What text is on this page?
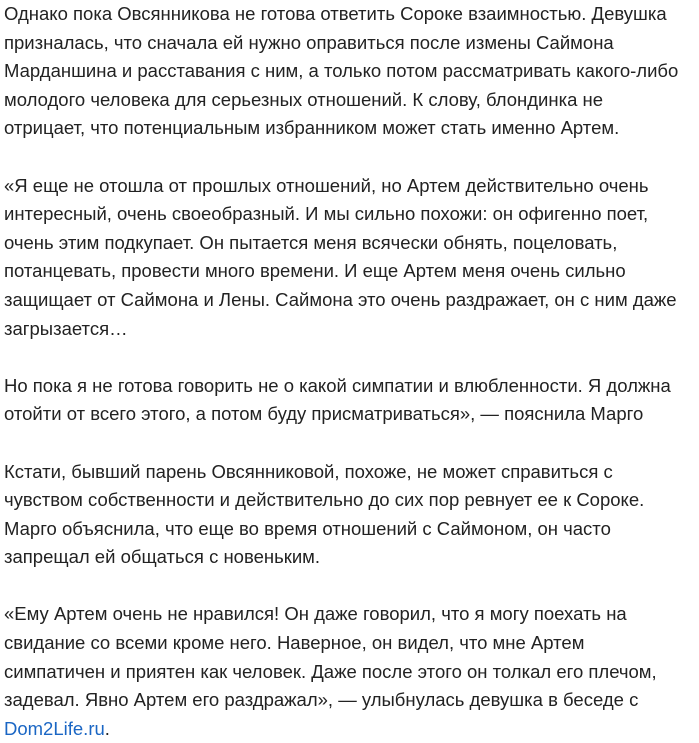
Однако пока Овсянникова не готова ответить Сороке взаимностью. Девушка призналась, что сначала ей нужно оправиться после измены Саймона Марданшина и расставания с ним, а только потом рассматривать какого-либо молодого человека для серьезных отношений. К слову, блондинка не отрицает, что потенциальным избранником может стать именно Артем.

«Я еще не отошла от прошлых отношений, но Артем действительно очень интересный, очень своеобразный. И мы сильно похожи: он офигенно поет, очень этим подкупает. Он пытается меня всячески обнять, поцеловать, потанцевать, провести много времени. И еще Артем меня очень сильно защищает от Саймона и Лены. Саймона это очень раздражает, он с ним даже загрызается…

Но пока я не готова говорить не о какой симпатии и влюбленности. Я должна отойти от всего этого, а потом буду присматриваться», — пояснила Марго

Кстати, бывший парень Овсянниковой, похоже, не может справиться с чувством собственности и действительно до сих пор ревнует ее к Сороке. Марго объяснила, что еще во время отношений с Саймоном, он часто запрещал ей общаться с новеньким.

«Ему Артем очень не нравился! Он даже говорил, что я могу поехать на свидание со всеми кроме него. Наверное, он видел, что мне Артем симпатичен и приятен как человек. Даже после этого он толкал его плечом, задевал. Явно Артем его раздражал», — улыбнулась девушка в беседе с Dom2Life.ru.
